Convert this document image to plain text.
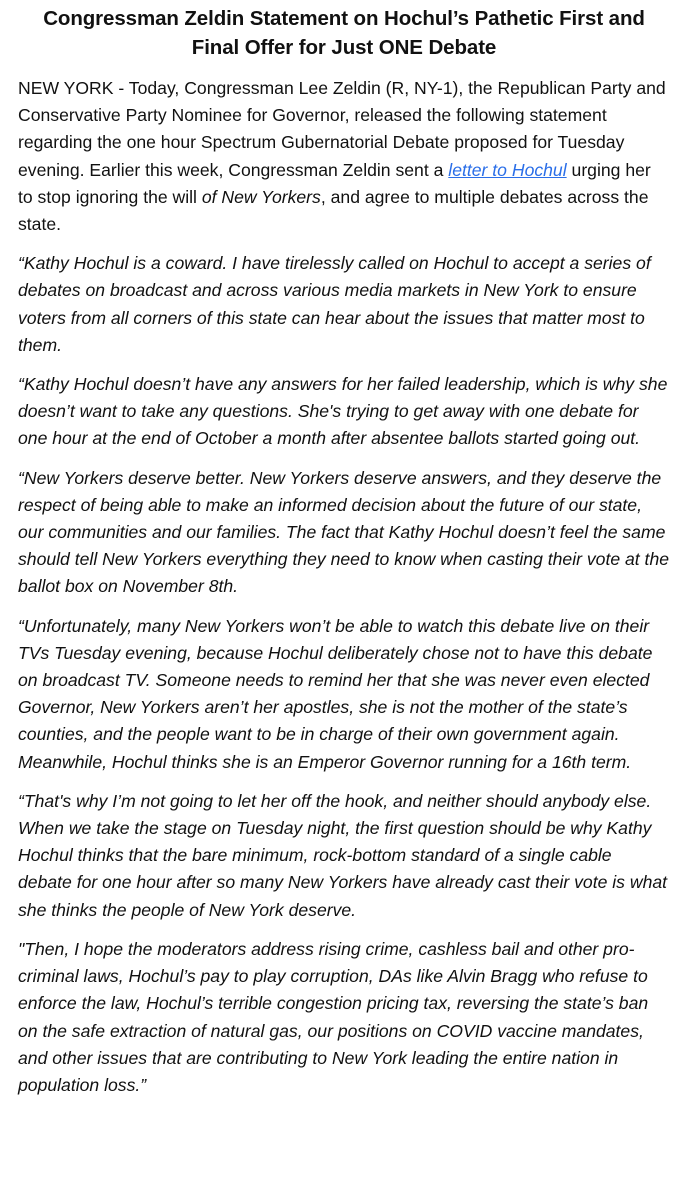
Congressman Zeldin Statement on Hochul’s Pathetic First and Final Offer for Just ONE Debate

NEW YORK - Today, Congressman Lee Zeldin (R, NY-1), the Republican Party and Conservative Party Nominee for Governor, released the following statement regarding the one hour Spectrum Gubernatorial Debate proposed for Tuesday evening. Earlier this week, Congressman Zeldin sent a letter to Hochul urging her to stop ignoring the will of New Yorkers, and agree to multiple debates across the state.

“Kathy Hochul is a coward. I have tirelessly called on Hochul to accept a series of debates on broadcast and across various media markets in New York to ensure voters from all corners of this state can hear about the issues that matter most to them.

“Kathy Hochul doesn’t have any answers for her failed leadership, which is why she doesn’t want to take any questions. She's trying to get away with one debate for one hour at the end of October a month after absentee ballots started going out.

“New Yorkers deserve better. New Yorkers deserve answers, and they deserve the respect of being able to make an informed decision about the future of our state, our communities and our families. The fact that Kathy Hochul doesn’t feel the same should tell New Yorkers everything they need to know when casting their vote at the ballot box on November 8th.

“Unfortunately, many New Yorkers won’t be able to watch this debate live on their TVs Tuesday evening, because Hochul deliberately chose not to have this debate on broadcast TV. Someone needs to remind her that she was never even elected Governor, New Yorkers aren’t her apostles, she is not the mother of the state’s counties, and the people want to be in charge of their own government again. Meanwhile, Hochul thinks she is an Emperor Governor running for a 16th term.

“That's why I’m not going to let her off the hook, and neither should anybody else. When we take the stage on Tuesday night, the first question should be why Kathy Hochul thinks that the bare minimum, rock-bottom standard of a single cable debate for one hour after so many New Yorkers have already cast their vote is what she thinks the people of New York deserve.

"Then, I hope the moderators address rising crime, cashless bail and other pro-criminal laws, Hochul’s pay to play corruption, DAs like Alvin Bragg who refuse to enforce the law, Hochul’s terrible congestion pricing tax, reversing the state’s ban on the safe extraction of natural gas, our positions on COVID vaccine mandates, and other issues that are contributing to New York leading the entire nation in population loss.”
